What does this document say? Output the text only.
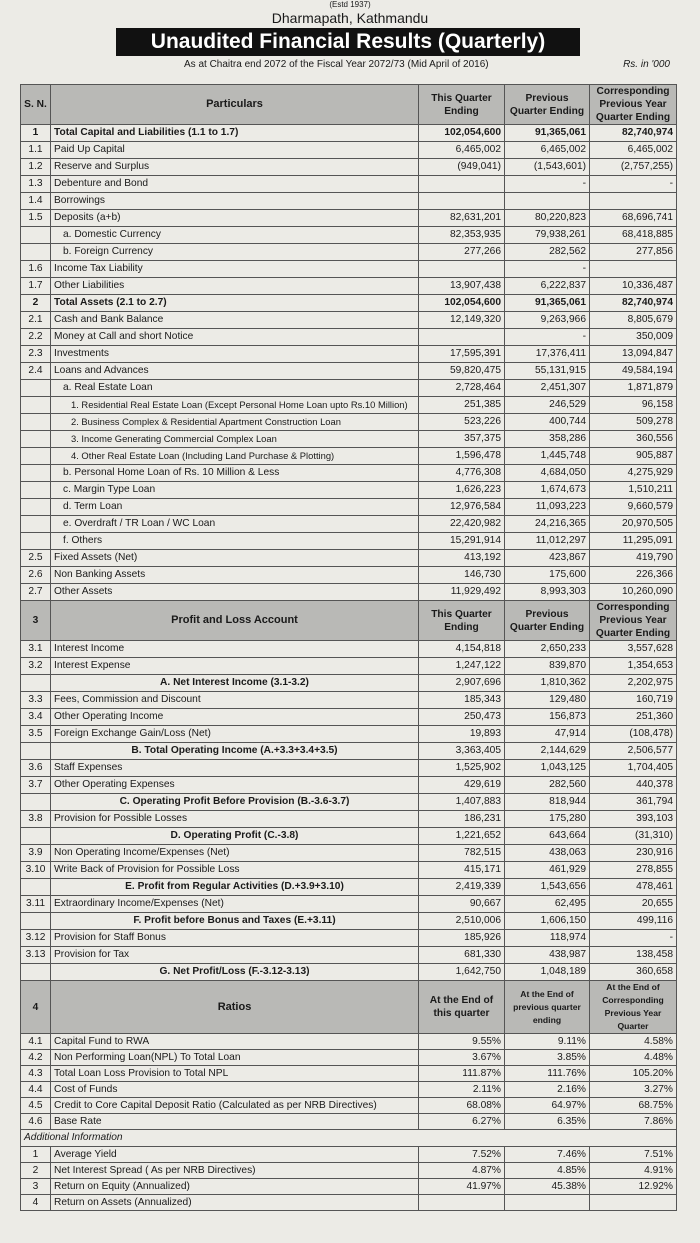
(Estd 1937)
Dharmapath, Kathmandu
Unaudited Financial Results (Quarterly)
As at Chaitra end 2072 of the Fiscal Year 2072/73 (Mid April of 2016)	Rs. in '000
S. N.	Particulars	This Quarter Ending	Previous Quarter Ending	Corresponding Previous Year Quarter Ending
1	Total Capital and Liabilities (1.1 to 1.7)	102,054,600	91,365,061	82,740,974
1.1	Paid Up Capital	6,465,002	6,465,002	6,465,002
1.2	Reserve and Surplus	(949,041)	(1,543,601)	(2,757,255)
1.3	Debenture and Bond		-	-
1.4	Borrowings			
1.5	Deposits (a+b)	82,631,201	80,220,823	68,696,741
	a. Domestic Currency	82,353,935	79,938,261	68,418,885
	b. Foreign Currency	277,266	282,562	277,856
1.6	Income Tax Liability		-	
1.7	Other Liabilities	13,907,438	6,222,837	10,336,487
2	Total Assets (2.1 to 2.7)	102,054,600	91,365,061	82,740,974
2.1	Cash and Bank Balance	12,149,320	9,263,966	8,805,679
2.2	Money at Call and short Notice		-	350,009
2.3	Investments	17,595,391	17,376,411	13,094,847
2.4	Loans and Advances	59,820,475	55,131,915	49,584,194
	a. Real Estate Loan	2,728,464	2,451,307	1,871,879
	1. Residential Real Estate Loan (Except Personal Home Loan upto Rs.10 Million)	251,385	246,529	96,158
	2. Business Complex & Residential Apartment Construction Loan	523,226	400,744	509,278
	3. Income Generating Commercial Complex Loan	357,375	358,286	360,556
	4. Other Real Estate Loan (Including Land Purchase & Plotting)	1,596,478	1,445,748	905,887
	b. Personal Home Loan of Rs. 10 Million & Less	4,776,308	4,684,050	4,275,929
	c. Margin Type Loan	1,626,223	1,674,673	1,510,211
	d. Term Loan	12,976,584	11,093,223	9,660,579
	e. Overdraft / TR Loan / WC Loan	22,420,982	24,216,365	20,970,505
	f. Others	15,291,914	11,012,297	11,295,091
2.5	Fixed Assets (Net)	413,192	423,867	419,790
2.6	Non Banking Assets	146,730	175,600	226,366
2.7	Other Assets	11,929,492	8,993,303	10,260,090
3	Profit and Loss Account	This Quarter Ending	Previous Quarter Ending	Corresponding Previous Year Quarter Ending
3.1	Interest Income	4,154,818	2,650,233	3,557,628
3.2	Interest Expense	1,247,122	839,870	1,354,653
	A. Net Interest Income (3.1-3.2)	2,907,696	1,810,362	2,202,975
3.3	Fees, Commission and Discount	185,343	129,480	160,719
3.4	Other Operating Income	250,473	156,873	251,360
3.5	Foreign Exchange Gain/Loss (Net)	19,893	47,914	(108,478)
	B. Total Operating Income (A.+3.3+3.4+3.5)	3,363,405	2,144,629	2,506,577
3.6	Staff Expenses	1,525,902	1,043,125	1,704,405
3.7	Other Operating Expenses	429,619	282,560	440,378
	C. Operating Profit Before Provision (B.-3.6-3.7)	1,407,883	818,944	361,794
3.8	Provision for Possible Losses	186,231	175,280	393,103
	D. Operating Profit (C.-3.8)	1,221,652	643,664	(31,310)
3.9	Non Operating Income/Expenses (Net)	782,515	438,063	230,916
3.10	Write Back of Provision for Possible Loss	415,171	461,929	278,855
	E. Profit from Regular Activities (D.+3.9+3.10)	2,419,339	1,543,656	478,461
3.11	Extraordinary Income/Expenses (Net)	90,667	62,495	20,655
	F. Profit before Bonus and Taxes (E.+3.11)	2,510,006	1,606,150	499,116
3.12	Provision for Staff Bonus	185,926	118,974	-
3.13	Provision for Tax	681,330	438,987	138,458
	G. Net Profit/Loss (F.-3.12-3.13)	1,642,750	1,048,189	360,658
4	Ratios	At the End of this quarter	At the End of previous quarter ending	At the End of Corresponding Previous Year Quarter
4.1	Capital Fund to RWA	9.55%	9.11%	4.58%
4.2	Non Performing Loan(NPL) To Total Loan	3.67%	3.85%	4.48%
4.3	Total Loan Loss Provision to Total NPL	111.87%	111.76%	105.20%
4.4	Cost of Funds	2.11%	2.16%	3.27%
4.5	Credit to Core Capital Deposit Ratio (Calculated as per NRB Directives)	68.08%	64.97%	68.75%
4.6	Base Rate	6.27%	6.35%	7.86%
Additional Information				
1	Average Yield	7.52%	7.46%	7.51%
2	Net Interest Spread ( As per NRB Directives)	4.87%	4.85%	4.91%
3	Return on Equity (Annualized)	41.97%	45.38%	12.92%
4	Return on Assets (Annualized)			
